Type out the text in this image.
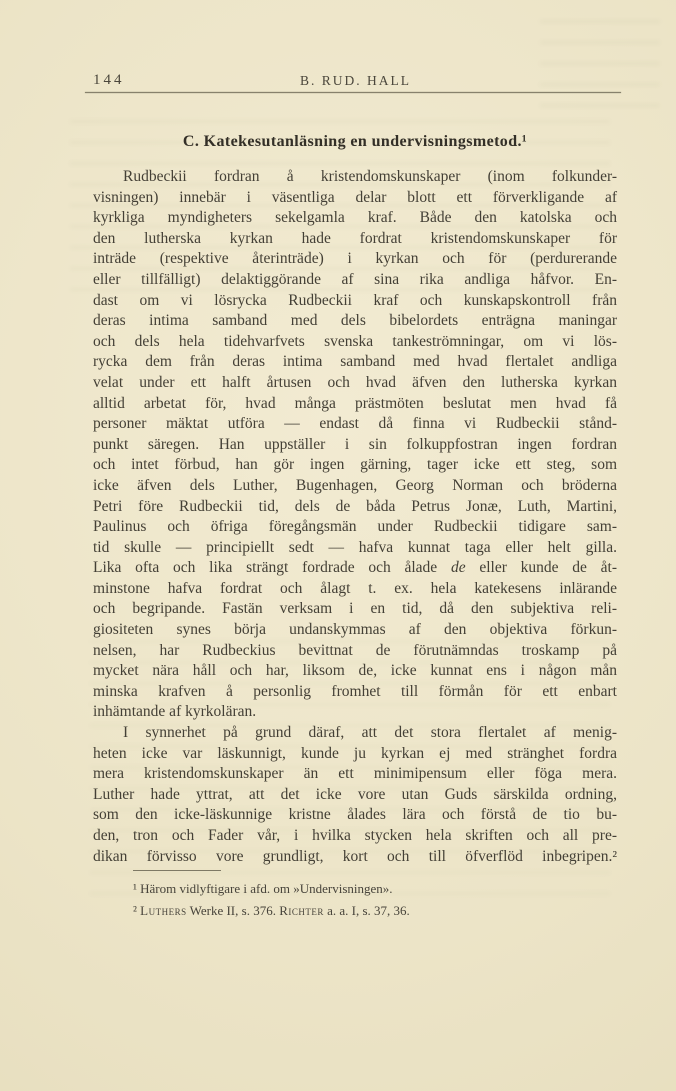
144	B. RUD. HALL
C. Katekesutanläsning en undervisningsmetod.¹
Rudbeckii fordran å kristendomskunskaper (inom folkunder-
visningen) innebär i väsentliga delar blott ett förverkligande af
kyrkliga myndigheters sekelgamla kraf. Både den katolska och
den lutherska kyrkan hade fordrat kristendomskunskaper för
inträde (respektive återinträde) i kyrkan och för (perdurerande
eller tillfälligt) delaktiggörande af sina rika andliga håfvor. En-
dast om vi lösrycka Rudbeckii kraf och kunskapskontroll från
deras intima samband med dels bibelordets enträgna maningar
och dels hela tidehvarfvets svenska tankeströmningar, om vi lös-
rycka dem från deras intima samband med hvad flertalet andliga
velat under ett halft årtusen och hvad äfven den lutherska kyrkan
alltid arbetat för, hvad många prästmöten beslutat men hvad få
personer mäktat utföra — endast då finna vi Rudbeckii stånd-
punkt säregen. Han uppställer i sin folkuppfostran ingen fordran
och intet förbud, han gör ingen gärning, tager icke ett steg, som
icke äfven dels Luther, Bugenhagen, Georg Norman och bröderna
Petri före Rudbeckii tid, dels de båda Petrus Jonæ, Luth, Martini,
Paulinus och öfriga föregångsmän under Rudbeckii tidigare sam-
tid skulle — principiellt sedt — hafva kunnat taga eller helt gilla.
Lika ofta och lika strängt fordrade och ålade de eller kunde de åt-
minstone hafva fordrat och ålagt t. ex. hela katekesens inlärande
och begripande. Fastän verksam i en tid, då den subjektiva reli-
giositeten synes börja undanskymmas af den objektiva förkun-
nelsen, har Rudbeckius bevittnat de förutnämndas troskamp på
mycket nära håll och har, liksom de, icke kunnat ens i någon mån
minska krafven å personlig fromhet till förmån för ett enbart
inhämtande af kyrkoläran.
I synnerhet på grund däraf, att det stora flertalet af menig-
heten icke var läskunnigt, kunde ju kyrkan ej med stränghet fordra
mera kristendomskunskaper än ett minimipensum eller föga mera.
Luther hade yttrat, att det icke vore utan Guds särskilda ordning,
som den icke-läskunnige kristne ålades lära och förstå de tio bu-
den, tron och Fader vår, i hvilka stycken hela skriften och all pre-
dikan förvisso vore grundligt, kort och till öfverflöd inbegripen.²
¹ Härom vidlyftigare i afd. om »Undervisningen».
² Luthers Werke II, s. 376. Richter a. a. I, s. 37, 36.
